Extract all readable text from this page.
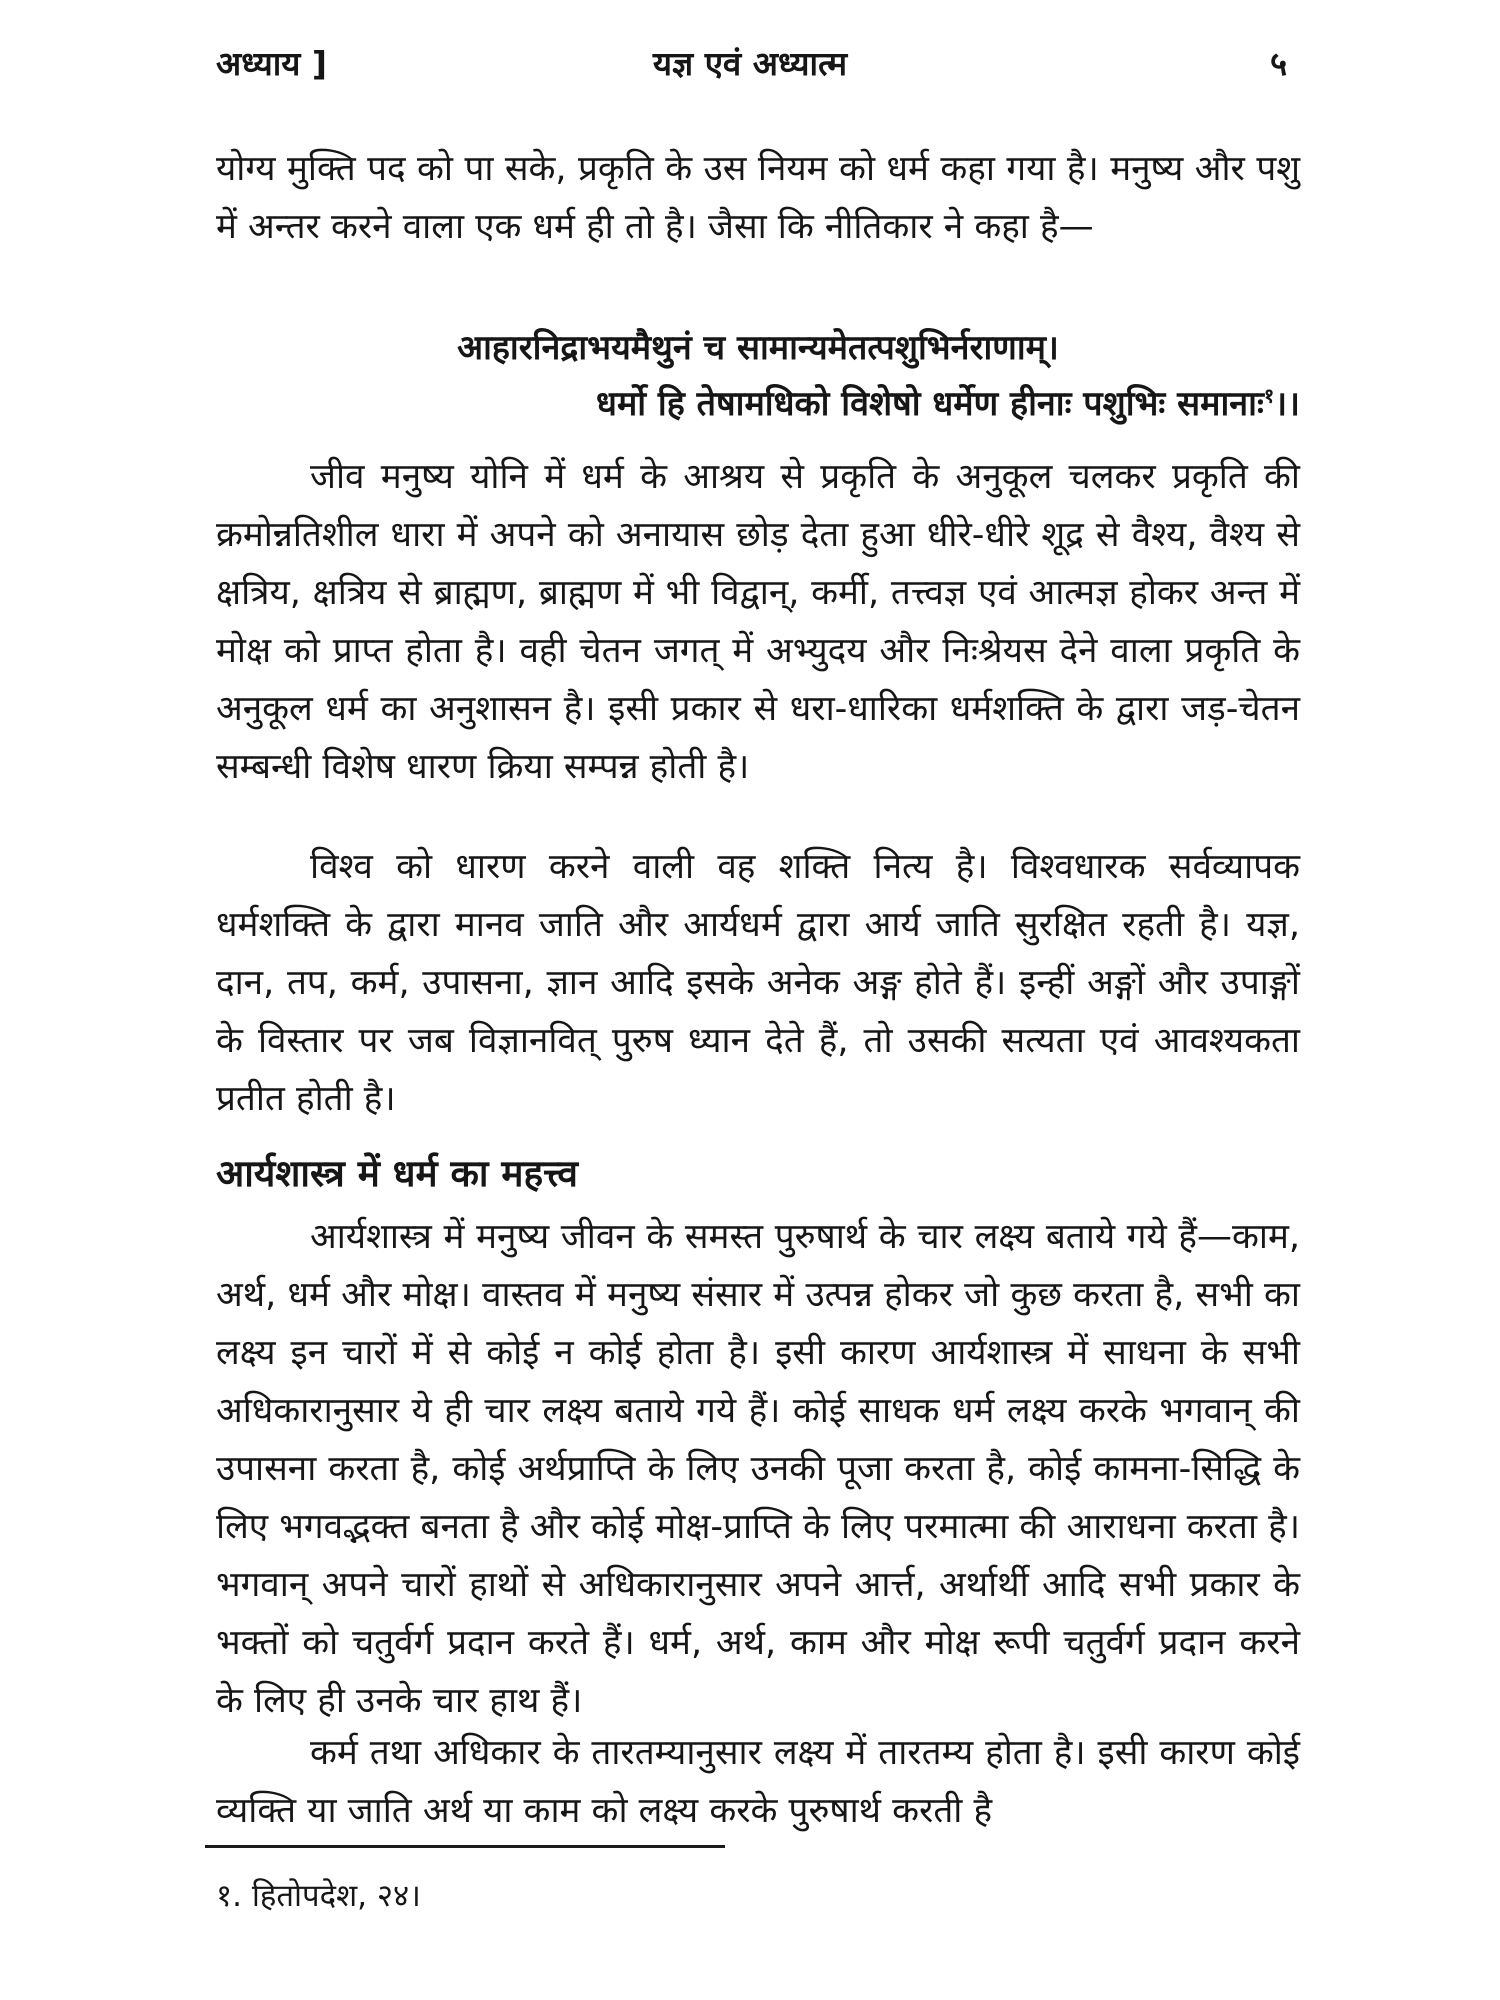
अध्याय ]	यज्ञ एवं अध्यात्म	५

योग्य मुक्ति पद को पा सके, प्रकृति के उस नियम को धर्म कहा गया है। मनुष्य और पशु में अन्तर करने वाला एक धर्म ही तो है। जैसा कि नीतिकार ने कहा है—

आहारनिद्राभयमैथुनं च सामान्यमेतत्पशुभिर्नराणाम्।
धर्मो हि तेषामधिको विशेषो धर्मेण हीनाः पशुभिः समानाः$^१$।।

जीव मनुष्य योनि में धर्म के आश्रय से प्रकृति के अनुकूल चलकर प्रकृति की क्रमोन्नतिशील धारा में अपने को अनायास छोड़ देता हुआ धीरे-धीरे शूद्र से वैश्य, वैश्य से क्षत्रिय, क्षत्रिय से ब्राह्मण, ब्राह्मण में भी विद्वान्, कर्मी, तत्त्वज्ञ एवं आत्मज्ञ होकर अन्त में मोक्ष को प्राप्त होता है। वही चेतन जगत् में अभ्युदय और निःश्रेयस देने वाला प्रकृति के अनुकूल धर्म का अनुशासन है। इसी प्रकार से धरा-धारिका धर्मशक्ति के द्वारा जड़-चेतन सम्बन्धी विशेष धारण क्रिया सम्पन्न होती है।

विश्व को धारण करने वाली वह शक्ति नित्य है। विश्वधारक सर्वव्यापक धर्मशक्ति के द्वारा मानव जाति और आर्यधर्म द्वारा आर्य जाति सुरक्षित रहती है। यज्ञ, दान, तप, कर्म, उपासना, ज्ञान आदि इसके अनेक अङ्ग होते हैं। इन्हीं अङ्गों और उपाङ्गों के विस्तार पर जब विज्ञानवित् पुरुष ध्यान देते हैं, तो उसकी सत्यता एवं आवश्यकता प्रतीत होती है।

आर्यशास्त्र में धर्म का महत्त्व

आर्यशास्त्र में मनुष्य जीवन के समस्त पुरुषार्थ के चार लक्ष्य बताये गये हैं—काम, अर्थ, धर्म और मोक्ष। वास्तव में मनुष्य संसार में उत्पन्न होकर जो कुछ करता है, सभी का लक्ष्य इन चारों में से कोई न कोई होता है। इसी कारण आर्यशास्त्र में साधना के सभी अधिकारानुसार ये ही चार लक्ष्य बताये गये हैं। कोई साधक धर्म लक्ष्य करके भगवान् की उपासना करता है, कोई अर्थप्राप्ति के लिए उनकी पूजा करता है, कोई कामना-सिद्धि के लिए भगवद्भक्त बनता है और कोई मोक्ष-प्राप्ति के लिए परमात्मा की आराधना करता है। भगवान् अपने चारों हाथों से अधिकारानुसार अपने आर्त्त, अर्थार्थी आदि सभी प्रकार के भक्तों को चतुर्वर्ग प्रदान करते हैं। धर्म, अर्थ, काम और मोक्ष रूपी चतुर्वर्ग प्रदान करने के लिए ही उनके चार हाथ हैं।

कर्म तथा अधिकार के तारतम्यानुसार लक्ष्य में तारतम्य होता है। इसी कारण कोई व्यक्ति या जाति अर्थ या काम को लक्ष्य करके पुरुषार्थ करती है

१. हितोपदेश, २४।
